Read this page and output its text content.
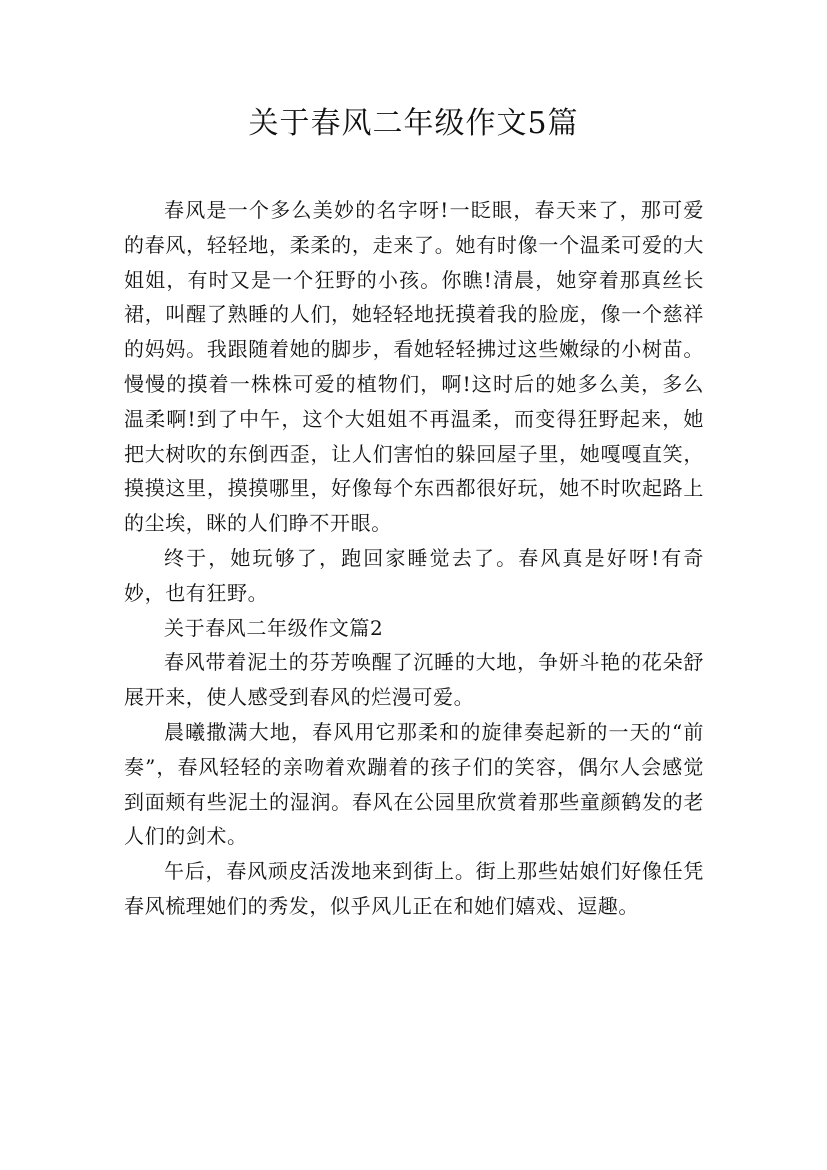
关于春风二年级作文5篇

春风是一个多么美妙的名字呀!一眨眼，春天来了，那可爱的春风，轻轻地，柔柔的，走来了。她有时像一个温柔可爱的大姐姐，有时又是一个狂野的小孩。你瞧!清晨，她穿着那真丝长裙，叫醒了熟睡的人们，她轻轻地抚摸着我的脸庞，像一个慈祥的妈妈。我跟随着她的脚步，看她轻轻拂过这些嫩绿的小树苗。慢慢的摸着一株株可爱的植物们，啊!这时后的她多么美，多么温柔啊!到了中午，这个大姐姐不再温柔，而变得狂野起来，她把大树吹的东倒西歪，让人们害怕的躲回屋子里，她嘎嘎直笑，摸摸这里，摸摸哪里，好像每个东西都很好玩，她不时吹起路上的尘埃，眯的人们睁不开眼。

终于，她玩够了，跑回家睡觉去了。春风真是好呀!有奇妙，也有狂野。

关于春风二年级作文篇2

春风带着泥土的芬芳唤醒了沉睡的大地，争妍斗艳的花朵舒展开来，使人感受到春风的烂漫可爱。

晨曦撒满大地，春风用它那柔和的旋律奏起新的一天的“前奏”，春风轻轻的亲吻着欢蹦着的孩子们的笑容，偶尔人会感觉到面颊有些泥土的湿润。春风在公园里欣赏着那些童颜鹤发的老人们的剑术。

午后，春风顽皮活泼地来到街上。街上那些姑娘们好像任凭春风梳理她们的秀发，似乎风儿正在和她们嬉戏、逗趣。
